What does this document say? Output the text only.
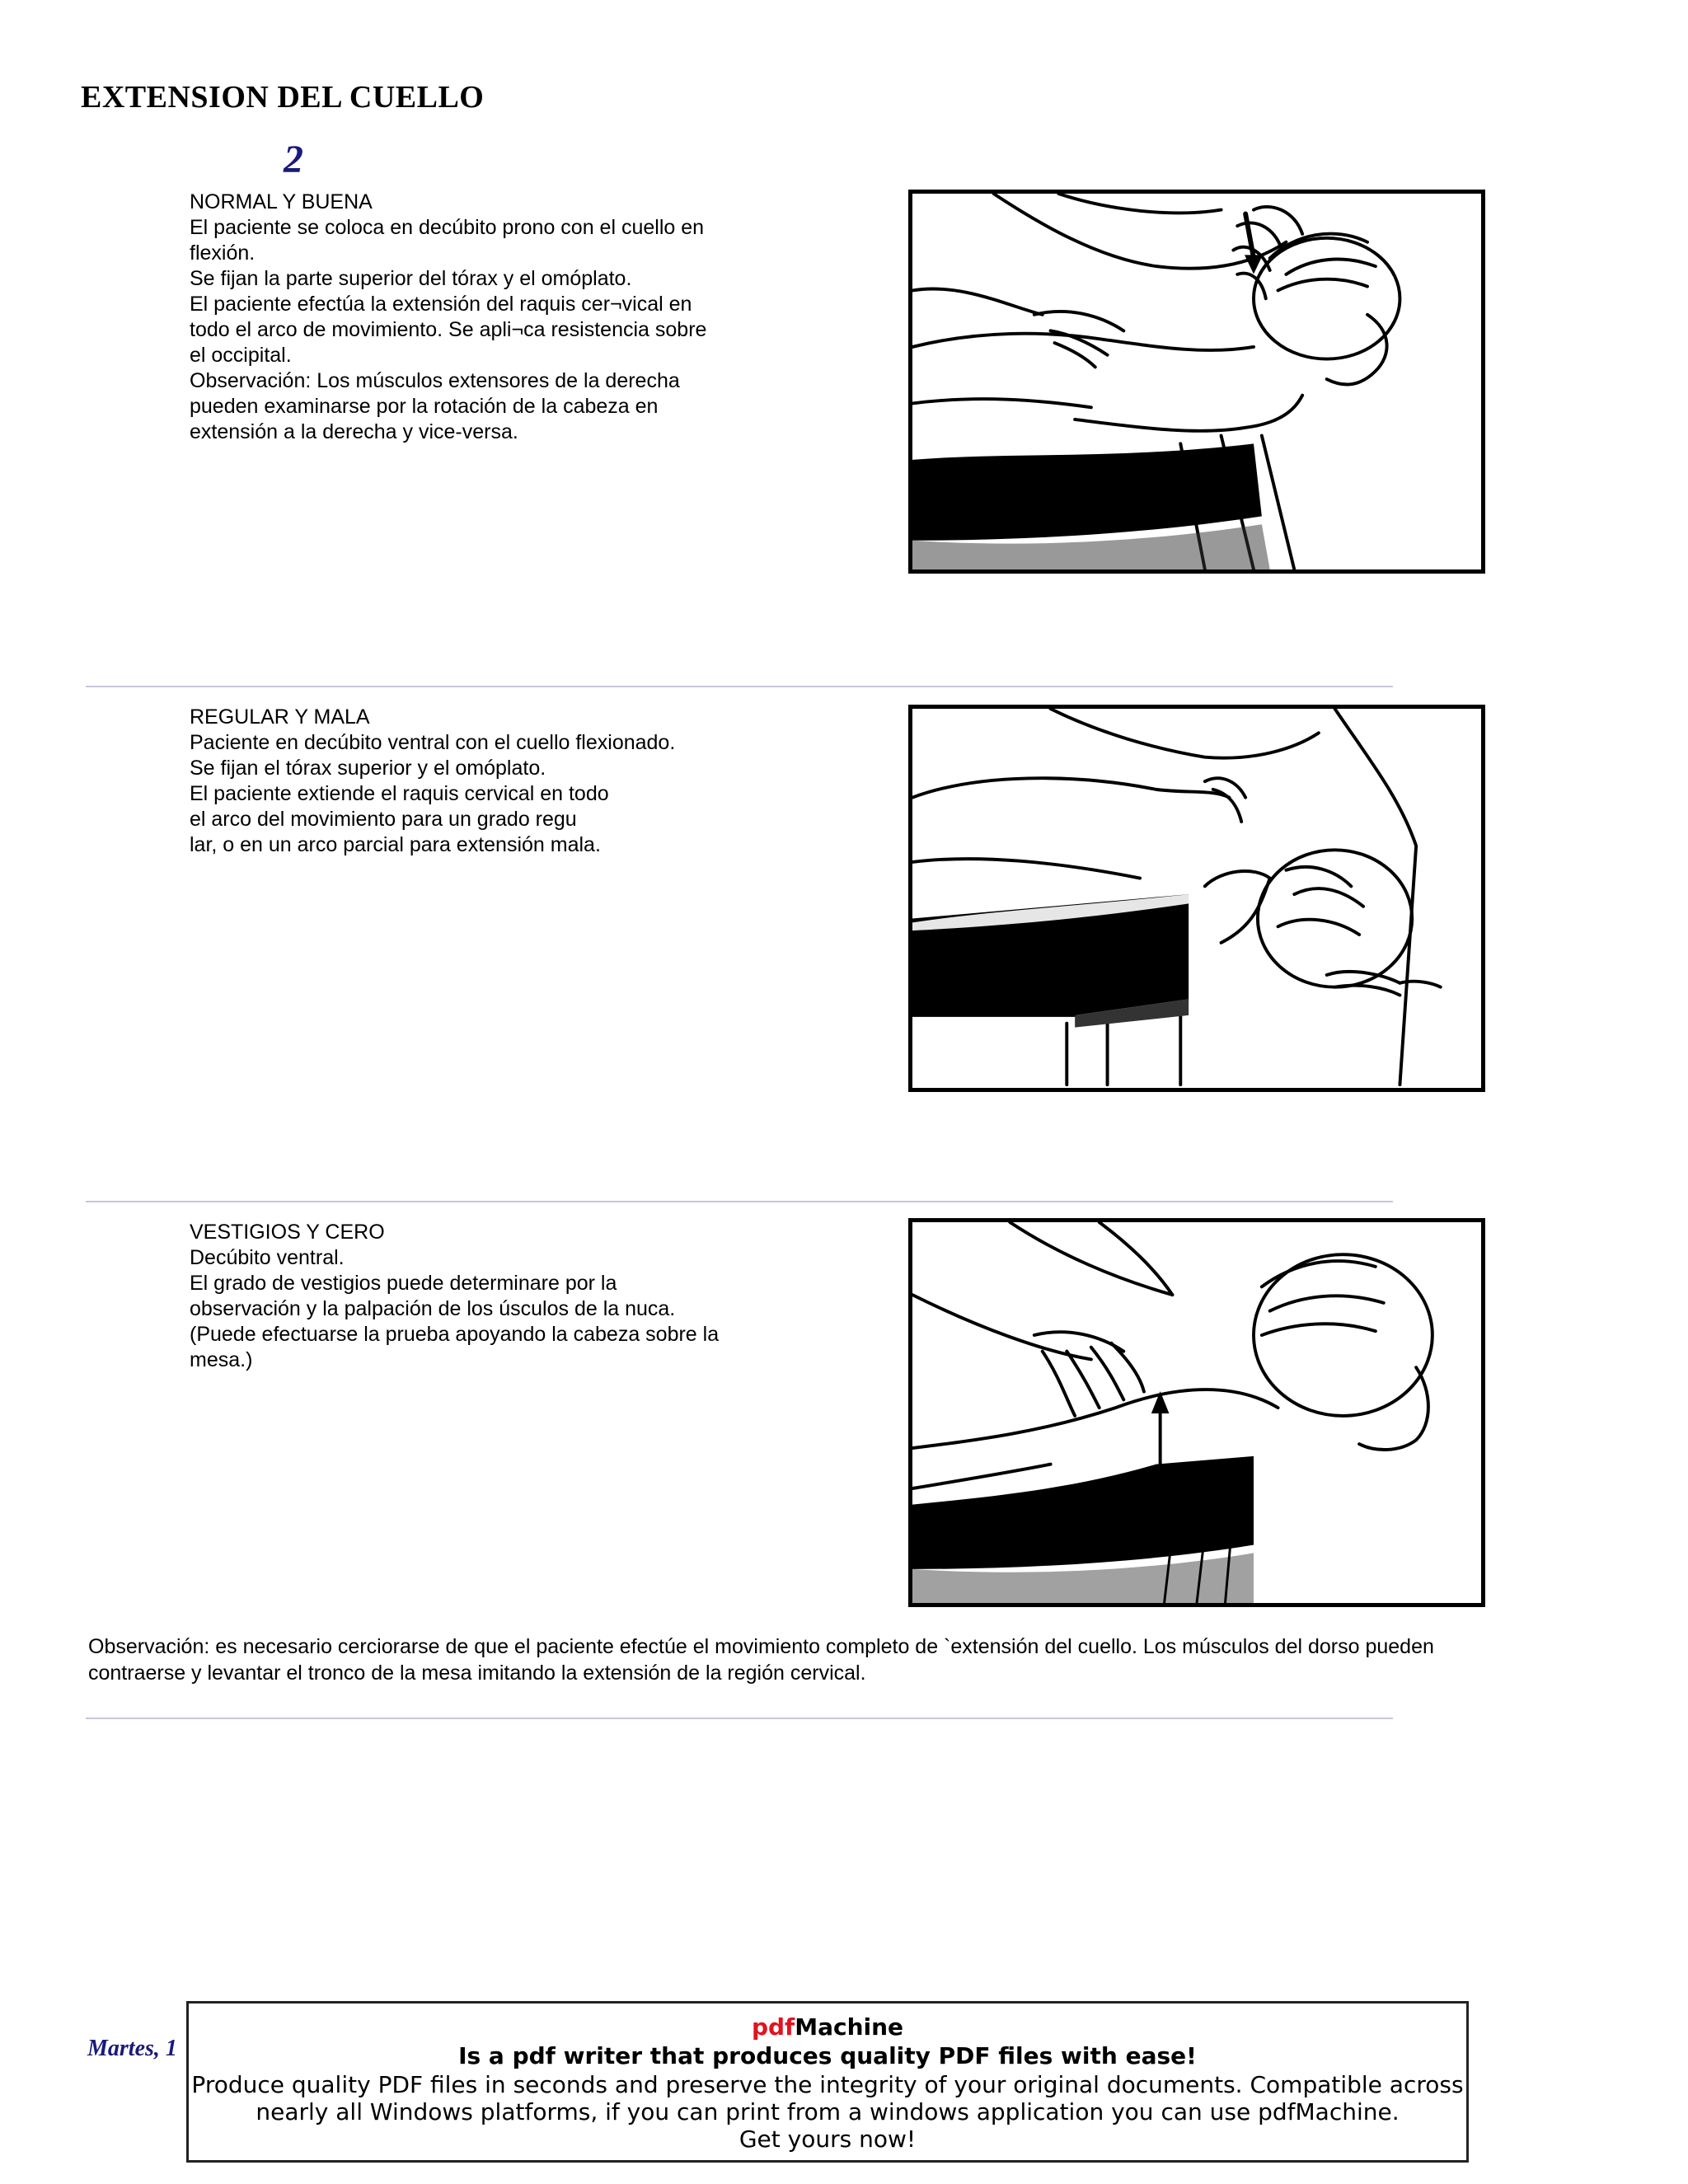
EXTENSION DEL CUELLO
2
NORMAL Y BUENA
El paciente se coloca en decúbito prono con el cuello en
flexión.
Se fijan la parte superior del tórax y el omóplato.
El paciente efectúa la extensión del raquis cer¬vical en
todo el arco de movimiento. Se apli¬ca resistencia sobre
el occipital.
Observación: Los músculos extensores de la derecha
pueden examinarse por la rotación de la cabeza en
extensión a la derecha y vice-versa.
REGULAR Y MALA
Paciente en decúbito ventral con el cuello flexionado.
Se fijan el tórax superior y el omóplato.
El paciente extiende el raquis cervical en todo
el arco del movimiento para un grado regu
lar, o en un arco parcial para extensión mala.
VESTIGIOS Y CERO
Decúbito ventral.
El grado de vestigios puede determinare por la
observación y la palpación de los úsculos de la nuca.
(Puede efectuarse la prueba apoyando la cabeza sobre la
mesa.)
Observación: es necesario cerciorarse de que el paciente efectúe el movimiento completo de `extensión del cuello. Los músculos del dorso pueden contraerse y levantar el tronco de la mesa imitando la extensión de la región cervical.
Martes, 1
pdfMachine
Is a pdf writer that produces quality PDF files with ease!
Produce quality PDF files in seconds and preserve the integrity of your original documents. Compatible across
nearly all Windows platforms, if you can print from a windows application you can use pdfMachine.
Get yours now!
